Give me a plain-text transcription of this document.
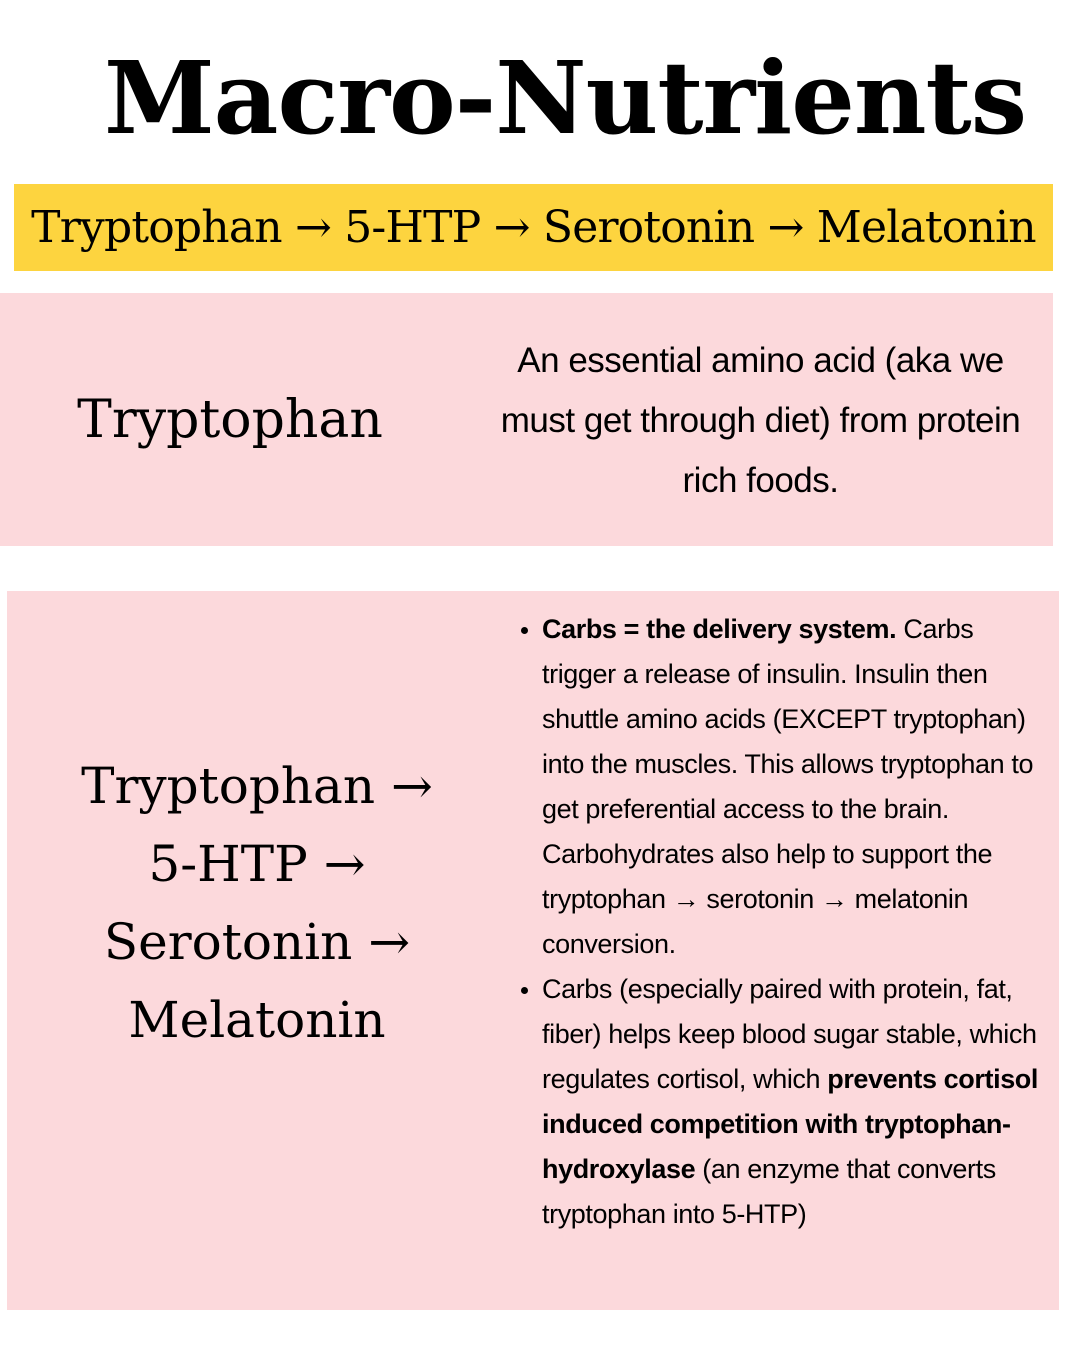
Macro-Nutrients
Tryptophan → 5-HTP → Serotonin → Melatonin
Tryptophan
An essential amino acid (aka we must get through diet) from protein rich foods.
Tryptophan →
5-HTP →
Serotonin →
Melatonin
• Carbs = the delivery system. Carbs trigger a release of insulin. Insulin then shuttle amino acids (EXCEPT tryptophan) into the muscles. This allows tryptophan to get preferential access to the brain. Carbohydrates also help to support the tryptophan → serotonin → melatonin conversion.
• Carbs (especially paired with protein, fat, fiber) helps keep blood sugar stable, which regulates cortisol, which prevents cortisol induced competition with tryptophan-hydroxylase (an enzyme that converts tryptophan into 5-HTP)
